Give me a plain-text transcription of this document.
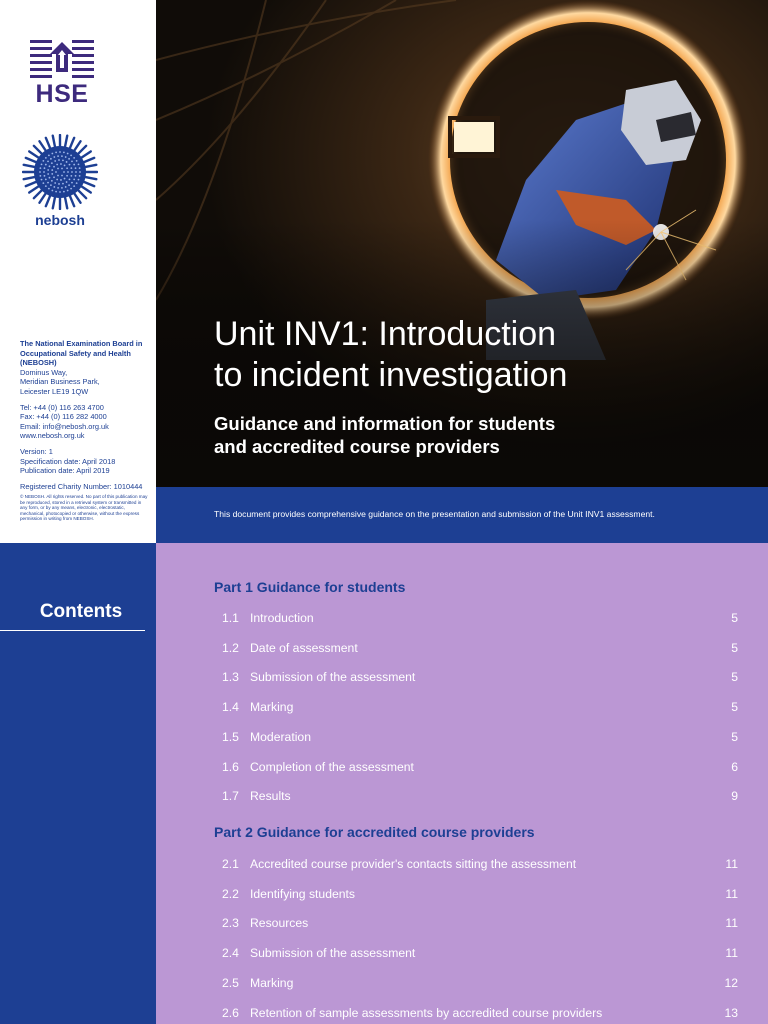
HSE
nebosh
The National Examination Board in Occupational Safety and Health (NEBOSH)
Dominus Way,
Meridian Business Park,
Leicester LE19 1QW
Tel: +44 (0) 116 263 4700
Fax: +44 (0) 116 282 4000
Email: info@nebosh.org.uk
www.nebosh.org.uk
Version: 1
Specification date: April 2018
Publication date: April 2019
Registered Charity Number: 1010444
© NEBOSH. All rights reserved. No part of this publication may be reproduced, stored in a retrieval system or transmitted in any form, or by any means, electronic, electrostatic, mechanical, photocopied or otherwise, without the express permission in writing from NEBOSH.
Unit INV1: Introduction
to incident investigation
Guidance and information for students
and accredited course providers
This document provides comprehensive guidance on the presentation and submission of the Unit INV1 assessment.
Contents
Part 1 Guidance for students
1.1 Introduction	5
1.2 Date of assessment	5
1.3 Submission of the assessment	5
1.4 Marking	5
1.5 Moderation	5
1.6 Completion of the assessment	6
1.7 Results	9
Part 2 Guidance for accredited course providers
2.1 Accredited course provider's contacts sitting the assessment	11
2.2 Identifying students	11
2.3 Resources	11
2.4 Submission of the assessment	11
2.5 Marking	12
2.6 Retention of sample assessments by accredited course providers	13
